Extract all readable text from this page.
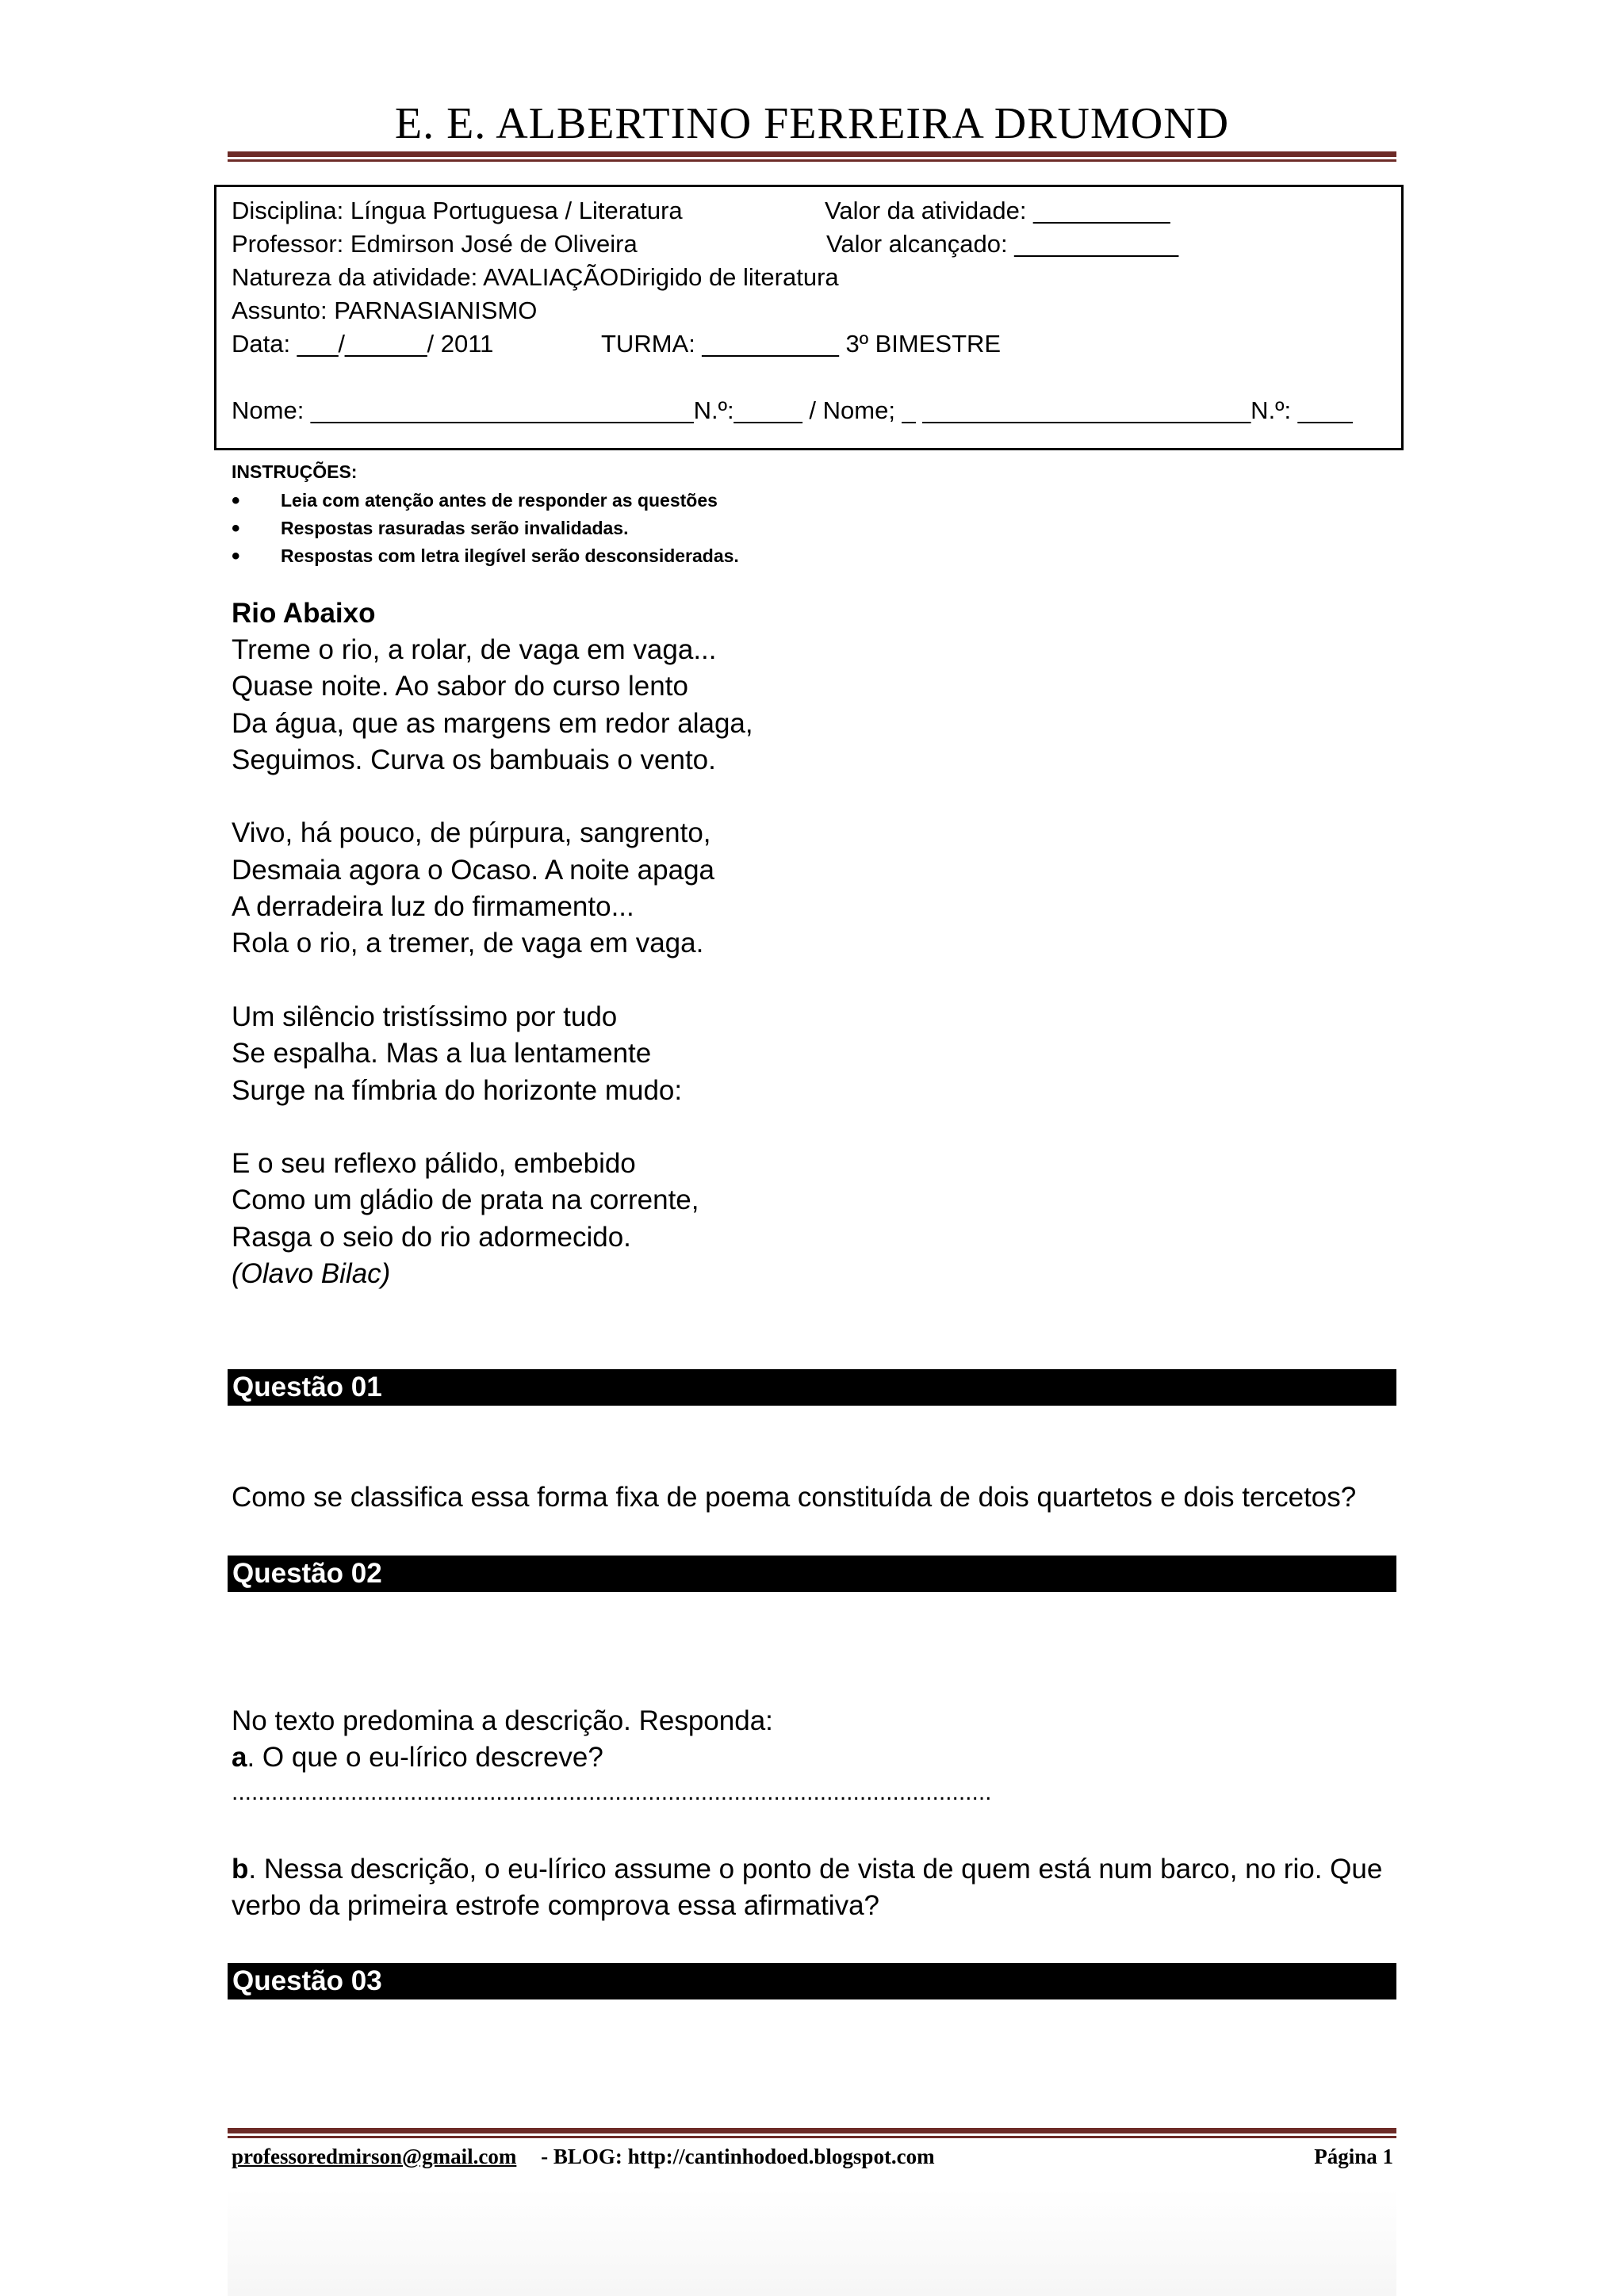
E. E. ALBERTINO FERREIRA DRUMOND
Disciplina: Língua Portuguesa / Literatura	Valor da atividade: __________
Professor: Edmirson José de Oliveira	Valor alcançado: ____________
Natureza da atividade: AVALIAÇÃODirigido de literatura
Assunto: PARNASIANISMO
Data: ___/______/ 2011	TURMA: __________ 3º BIMESTRE
Nome: ____________________________N.º:_____ / Nome; _ ________________________N.º: ____
INSTRUÇÕES:
• Leia com atenção antes de responder as questões
• Respostas rasuradas serão invalidadas.
• Respostas com letra ilegível serão desconsideradas.
Rio Abaixo
Treme o rio, a rolar, de vaga em vaga...
Quase noite. Ao sabor do curso lento
Da água, que as margens em redor alaga,
Seguimos. Curva os bambuais o vento.
Vivo, há pouco, de púrpura, sangrento,
Desmaia agora o Ocaso. A noite apaga
A derradeira luz do firmamento...
Rola o rio, a tremer, de vaga em vaga.
Um silêncio tristíssimo por tudo
Se espalha. Mas a lua lentamente
Surge na fímbria do horizonte mudo:
E o seu reflexo pálido, embebido
Como um gládio de prata na corrente,
Rasga o seio do rio adormecido.
(Olavo Bilac)
Questão 01
Como se classifica essa forma fixa de poema constituída de dois quartetos e dois tercetos?
Questão 02
No texto predomina a descrição. Responda:
a. O que o eu-lírico descreve?
...................................................................................................................
b. Nessa descrição, o eu-lírico assume o ponto de vista de quem está num barco, no rio. Que
verbo da primeira estrofe comprova essa afirmativa?
Questão 03
professoredmirson@gmail.com - BLOG: http://cantinhodoed.blogspot.com	Página 1
